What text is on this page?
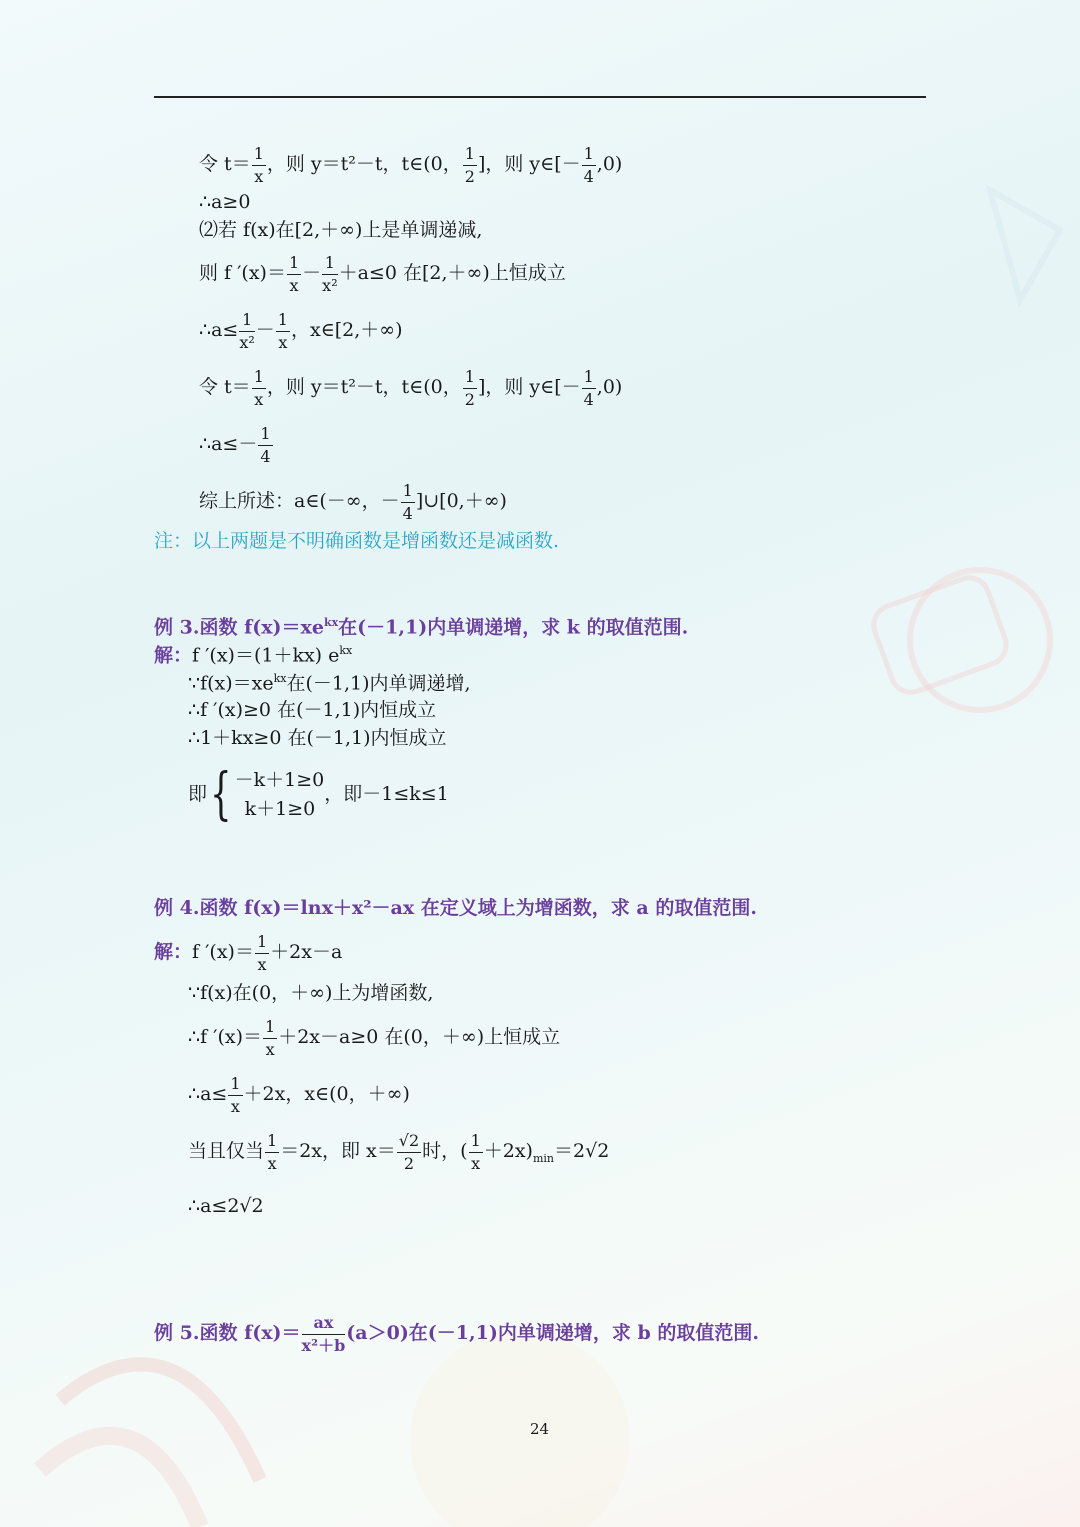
令 $t= \frac{1}{x}$ ，则 y＝t²－t，t∈(0， $\frac{1}{2}$ ]，则 y∈[－ $\frac{1}{4} ,0$)
∴a≥0
⑵若 f(x)在[2,＋∞)上是单调递减,
则 f $'(x)= \frac{1}{x} - \frac{1}{\text{x²}} +a\le 0$ 在[2,＋∞)上恒成立
∴a≤ $\frac{1}{\text{x²}} - \frac{1}{x}$ ，x∈[2,＋∞)
令 $t= \frac{1}{x}$ ，则 y＝t²－t，t∈(0， $\frac{1}{2}$ ]，则 y∈[－ $\frac{1}{4} ,0$)
∴a≤－ $\frac{1}{4}$
综上所述：a∈(－∞，－ $\frac{1}{4}$ ]∪[0,＋∞)
注：以上两题是不明确函数是增函数还是减函数.
例 3.函数 $f(x)=xe^{kx}$在(－1,1)内单调递增，求 k 的取值范围.
解：f ′(x)＝(1＋kx) $e^{kx}$
$\because f(x)=xe^{kx}$在(－1,1)内单调递增,
∴f ′(x)≥0 在(－1,1)内恒成立
∴1＋kx≥0 在(－1,1)内恒成立
即{ －k＋1≥0
k＋1≥0
，即－1≤k≤1
例 4.函数 f(x)＝lnx＋x²－ax 在定义域上为增函数，求 a 的取值范围.
解：f $'(x)= \frac{1}{x} +2x-a$
∵f(x)在(0，＋∞)上为增函数,
∴f $'(x)= \frac{1}{x} +2x-a\ge 0$ 在(0，＋∞)上恒成立
∴a≤ $\frac{1}{x} +2x$，x∈(0，＋∞)
当且仅当 $\frac{1}{x} =2x$，即 $x= \frac{√2}{2}$ 时，( $\frac{1}{x} +2x)_{min}=2√2$
∴a≤2√2
例 5.函数 $f(x)= \frac{ax}{\text{x²＋b}} (a>0)$在(－1,1)内单调递增，求 b 的取值范围.
24
